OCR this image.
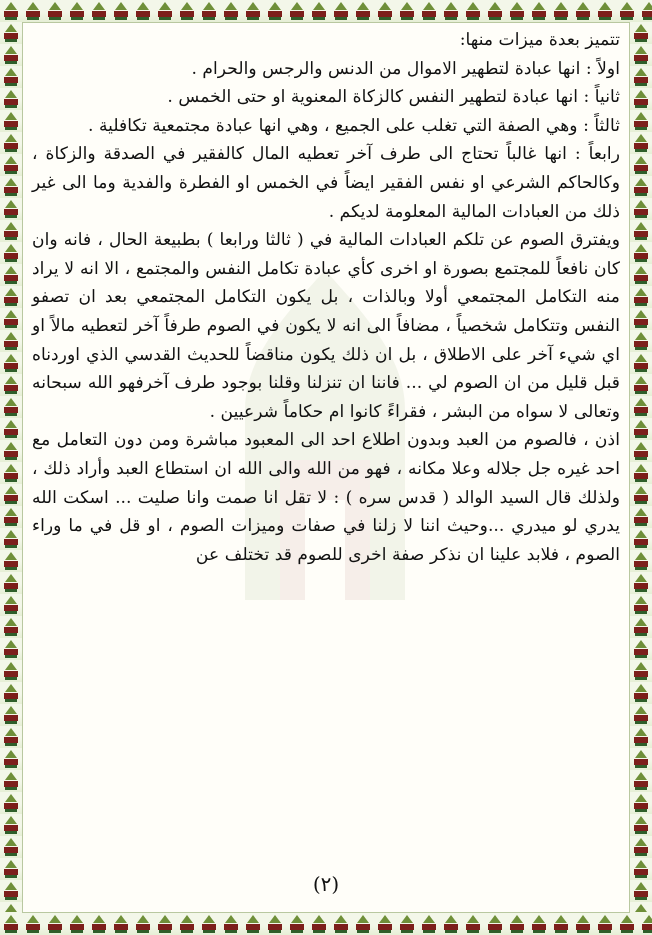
تتميز بعدة ميزات منها:

اولاً : انها عبادة لتطهير الاموال من الدنس والرجس والحرام .

ثانياً : انها عبادة لتطهير النفس كالزكاة المعنوية او حتى الخمس .

ثالثاً : وهي الصفة التي تغلب على الجميع ، وهي انها عبادة مجتمعية تكافلية .

رابعاً : انها غالباً تحتاج الى طرف آخر تعطيه المال كالفقير في الصدقة والزكاة ، وكالحاكم الشرعي او نفس الفقير ايضاً في الخمس او الفطرة والفدية وما الى غير ذلك من العبادات المالية المعلومة لديكم .

ويفترق الصوم عن تلكم العبادات المالية في ( ثالثا ورابعا ) بطبيعة الحال ، فانه وان كان نافعاً للمجتمع بصورة او اخرى كأي عبادة تكامل النفس والمجتمع ، الا انه لا يراد منه التكامل المجتمعي أولا وبالذات ، بل يكون التكامل المجتمعي بعد ان تصفو النفس وتتكامل شخصياً ، مضافاً الى انه لا يكون في الصوم طرفاً آخر لتعطيه مالاً او اي شيء آخر على الاطلاق ، بل ان ذلك يكون مناقضاً للحديث القدسي الذي اوردناه قبل قليل من ان الصوم لي ... فاننا ان تنزلنا وقلنا بوجود طرف آخرفهو الله سبحانه وتعالى لا سواه من البشر ، فقراءً كانوا ام حكاماً شرعيين .

اذن ، فالصوم من العبد وبدون اطلاع احد الى المعبود مباشرة ومن دون التعامل مع احد غيره جل جلاله وعلا مكانه ، فهو من الله والى الله ان استطاع العبد وأراد ذلك ، ولذلك قال السيد الوالد ( قدس سره ) : لا تقل انا صمت وانا صليت ... اسكت الله يدري لو ميدري ...وحيث اننا لا زلنا في صفات وميزات الصوم ، او قل في ما وراء الصوم ، فلابد علينا ان نذكر صفة اخرى للصوم قد تختلف عن

(٢)
